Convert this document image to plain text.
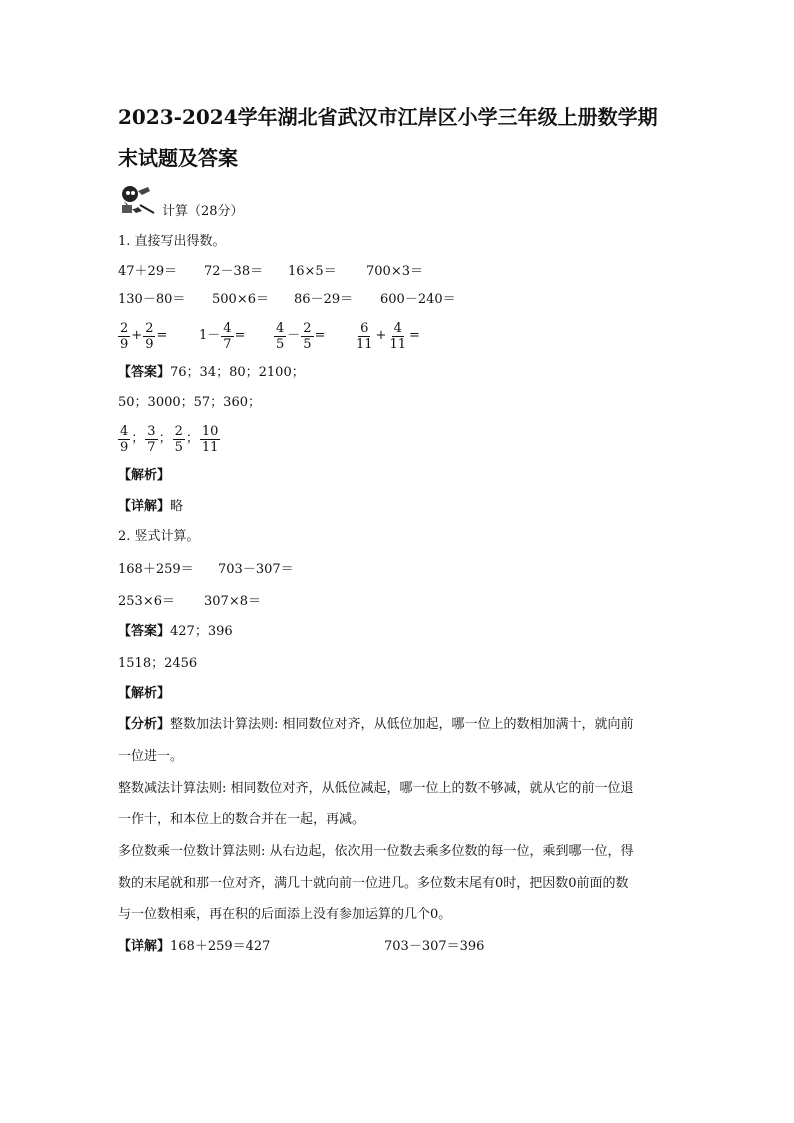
2023-2024学年湖北省武汉市江岸区小学三年级上册数学期
末试题及答案
计算（28分）
1. 直接写出得数。
47＋29＝ 72－38＝ 16×5＝ 700×3＝
130－80＝ 500×6＝ 86－29＝ 600－240＝
$\frac{2}{9} + \frac{2}{9} = 1- \frac{4}{7} = \frac{4}{5} - \frac{2}{5} = \frac{6}{11} + \frac{4}{11}$ =
【答案】76；34；80；2100；
50；3000；57；360；
$\frac{4}{9}$ ； $\frac{3}{7}$ ； $\frac{2}{5}$ ； $\frac{10}{11}$
【解析】
【详解】略
2. 竖式计算。
168＋259＝ 703－307＝
253×6＝ 307×8＝
【答案】427；396
1518；2456
【解析】
【分析】整数加法计算法则: 相同数位对齐，从低位加起，哪一位上的数相加满十，就向前
一位进一。
整数减法计算法则: 相同数位对齐，从低位减起，哪一位上的数不够减，就从它的前一位退
一作十，和本位上的数合并在一起，再减。
多位数乘一位数计算法则: 从右边起，依次用一位数去乘多位数的每一位，乘到哪一位，得
数的末尾就和那一位对齐，满几十就向前一位进几。多位数末尾有0时，把因数0前面的数
与一位数相乘，再在积的后面添上没有参加运算的几个0。
【详解】168＋259＝427	703－307＝396
